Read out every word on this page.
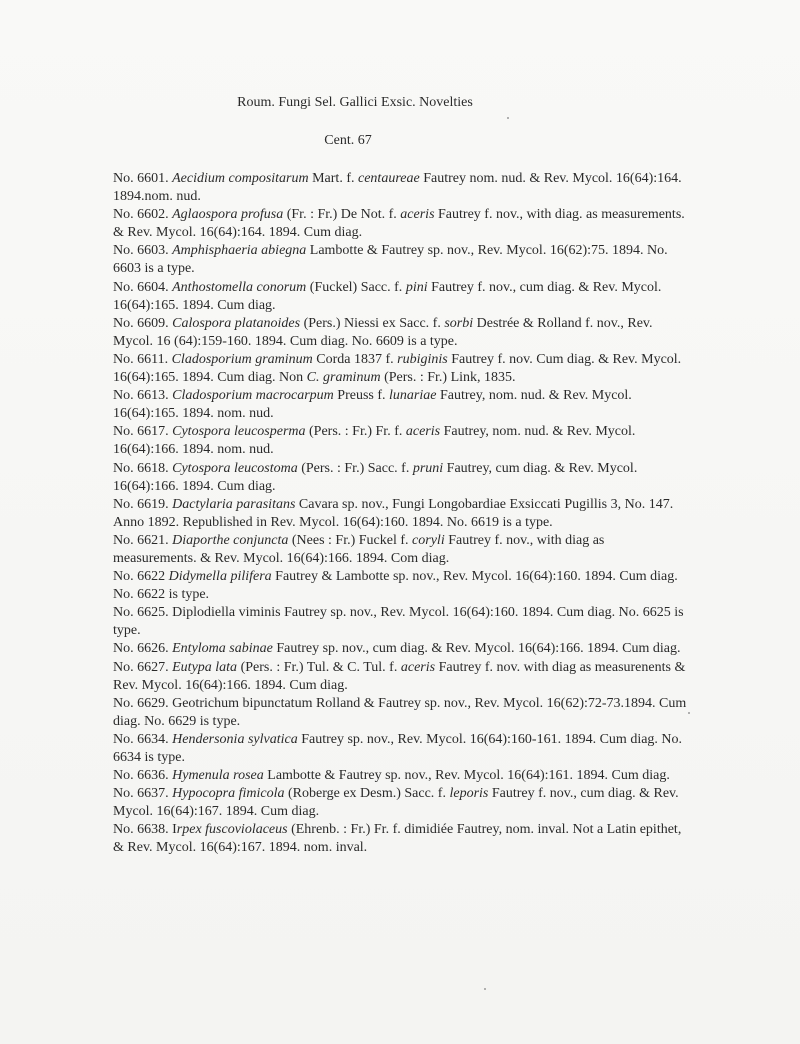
Roum. Fungi Sel. Gallici Exsic. Novelties
Cent. 67

No. 6601. Aecidium compositarum Mart. f. centaureae Fautrey nom. nud. & Rev. Mycol. 16(64):164. 1894.nom. nud.

No. 6602. Aglaospora profusa (Fr. : Fr.) De Not. f. aceris Fautrey f. nov., with diag. as measurements. & Rev. Mycol. 16(64):164. 1894. Cum diag.

No. 6603. Amphisphaeria abiegna Lambotte & Fautrey sp. nov., Rev. Mycol. 16(62):75. 1894. No. 6603 is a type.

No. 6604. Anthostomella conorum (Fuckel) Sacc. f. pini Fautrey f. nov., cum diag. & Rev. Mycol. 16(64):165. 1894. Cum diag.

No. 6609. Calospora platanoides (Pers.) Niessi ex Sacc. f. sorbi Destrée & Rolland f. nov., Rev. Mycol. 16 (64):159-160. 1894. Cum diag. No. 6609 is a type.

No. 6611. Cladosporium graminum Corda 1837 f. rubiginis Fautrey f. nov. Cum diag. & Rev. Mycol. 16(64):165. 1894. Cum diag. Non C. graminum (Pers. : Fr.) Link, 1835.

No. 6613. Cladosporium macrocarpum Preuss f. lunariae Fautrey, nom. nud. & Rev. Mycol. 16(64):165. 1894. nom. nud.

No. 6617. Cytospora leucosperma (Pers. : Fr.) Fr. f. aceris Fautrey, nom. nud. & Rev. Mycol. 16(64):166. 1894. nom. nud.

No. 6618. Cytospora leucostoma (Pers. : Fr.) Sacc. f. pruni Fautrey, cum diag. & Rev. Mycol. 16(64):166. 1894. Cum diag.

No. 6619. Dactylaria parasitans Cavara sp. nov., Fungi Longobardiae Exsiccati Pugillis 3, No. 147. Anno 1892. Republished in Rev. Mycol. 16(64):160. 1894. No. 6619 is a type.

No. 6621. Diaporthe conjuncta (Nees : Fr.) Fuckel f. coryli Fautrey f. nov., with diag as measurements. & Rev. Mycol. 16(64):166. 1894. Com diag.

No. 6622 Didymella pilifera Fautrey & Lambotte sp. nov., Rev. Mycol. 16(64):160. 1894. Cum diag. No. 6622 is type.

No. 6625. Diplodiella viminis Fautrey sp. nov., Rev. Mycol. 16(64):160. 1894. Cum diag. No. 6625 is type.

No. 6626. Entyloma sabinae Fautrey sp. nov., cum diag. & Rev. Mycol. 16(64):166. 1894. Cum diag.

No. 6627. Eutypa lata (Pers. : Fr.) Tul. & C. Tul. f. aceris Fautrey f. nov. with diag as measurenents & Rev. Mycol. 16(64):166. 1894. Cum diag.

No. 6629. Geotrichum bipunctatum Rolland & Fautrey sp. nov., Rev. Mycol. 16(62):72-73.1894. Cum diag. No. 6629 is type.

No. 6634. Hendersonia sylvatica Fautrey sp. nov., Rev. Mycol. 16(64):160-161. 1894. Cum diag. No. 6634 is type.

No. 6636. Hymenula rosea Lambotte & Fautrey sp. nov., Rev. Mycol. 16(64):161. 1894. Cum diag.

No. 6637. Hypocopra fimicola (Roberge ex Desm.) Sacc. f. leporis Fautrey f. nov., cum diag. & Rev. Mycol. 16(64):167. 1894. Cum diag.

No. 6638. Irpex fuscoviolaceus (Ehrenb. : Fr.) Fr. f. dimidiée Fautrey, nom. inval. Not a Latin epithet, & Rev. Mycol. 16(64):167. 1894. nom. inval.
